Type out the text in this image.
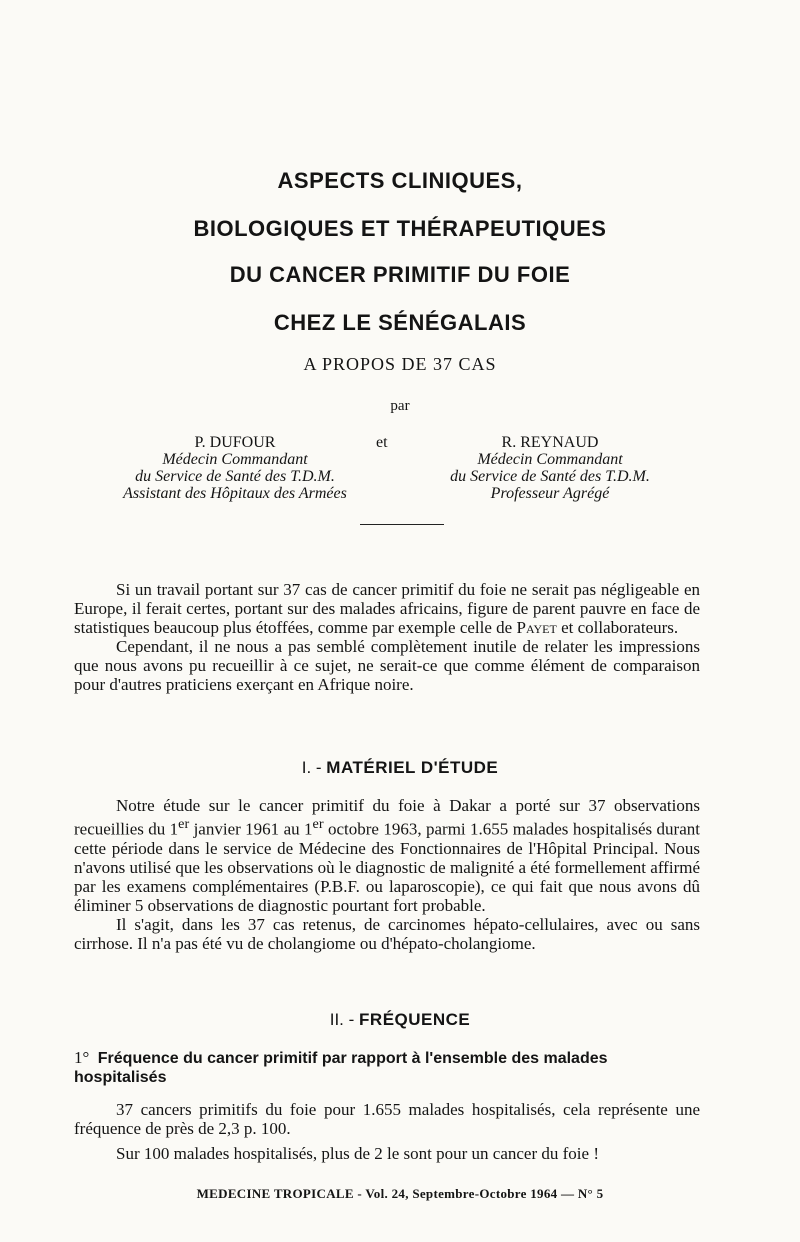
ASPECTS CLINIQUES,
BIOLOGIQUES ET THÉRAPEUTIQUES
DU CANCER PRIMITIF DU FOIE
CHEZ LE SÉNÉGALAIS
A PROPOS DE 37 CAS
par
P. DUFOUR
Médecin Commandant
du Service de Santé des T.D.M.
Assistant des Hôpitaux des Armées
et	R. REYNAUD
Médecin Commandant
du Service de Santé des T.D.M.
Professeur Agrégé

Si un travail portant sur 37 cas de cancer primitif du foie ne serait pas négligeable en Europe, il ferait certes, portant sur des malades africains, figure de parent pauvre en face de statistiques beaucoup plus étoffées, comme par exemple celle de Payet et collaborateurs.

Cependant, il ne nous a pas semblé complètement inutile de relater les impressions que nous avons pu recueillir à ce sujet, ne serait-ce que comme élément de comparaison pour d'autres praticiens exerçant en Afrique noire.

I. - MATÉRIEL D'ÉTUDE

Notre étude sur le cancer primitif du foie à Dakar a porté sur 37 observations recueillies du 1er janvier 1961 au 1er octobre 1963, parmi 1.655 malades hospitalisés durant cette période dans le service de Médecine des Fonctionnaires de l'Hôpital Principal. Nous n'avons utilisé que les observations où le diagnostic de malignité a été formellement affirmé par les examens complémentaires (P.B.F. ou laparoscopie), ce qui fait que nous avons dû éliminer 5 observations de diagnostic pourtant fort probable.

Il s'agit, dans les 37 cas retenus, de carcinomes hépato-cellulaires, avec ou sans cirrhose. Il n'a pas été vu de cholangiome ou d'hépato-cholangiome.

II. - FRÉQUENCE
1° Fréquence du cancer primitif par rapport à l'ensemble des malades hospitalisés

37 cancers primitifs du foie pour 1.655 malades hospitalisés, cela représente une fréquence de près de 2,3 p. 100.

Sur 100 malades hospitalisés, plus de 2 le sont pour un cancer du foie !

MEDECINE TROPICALE - Vol. 24, Septembre-Octobre 1964 — N° 5
